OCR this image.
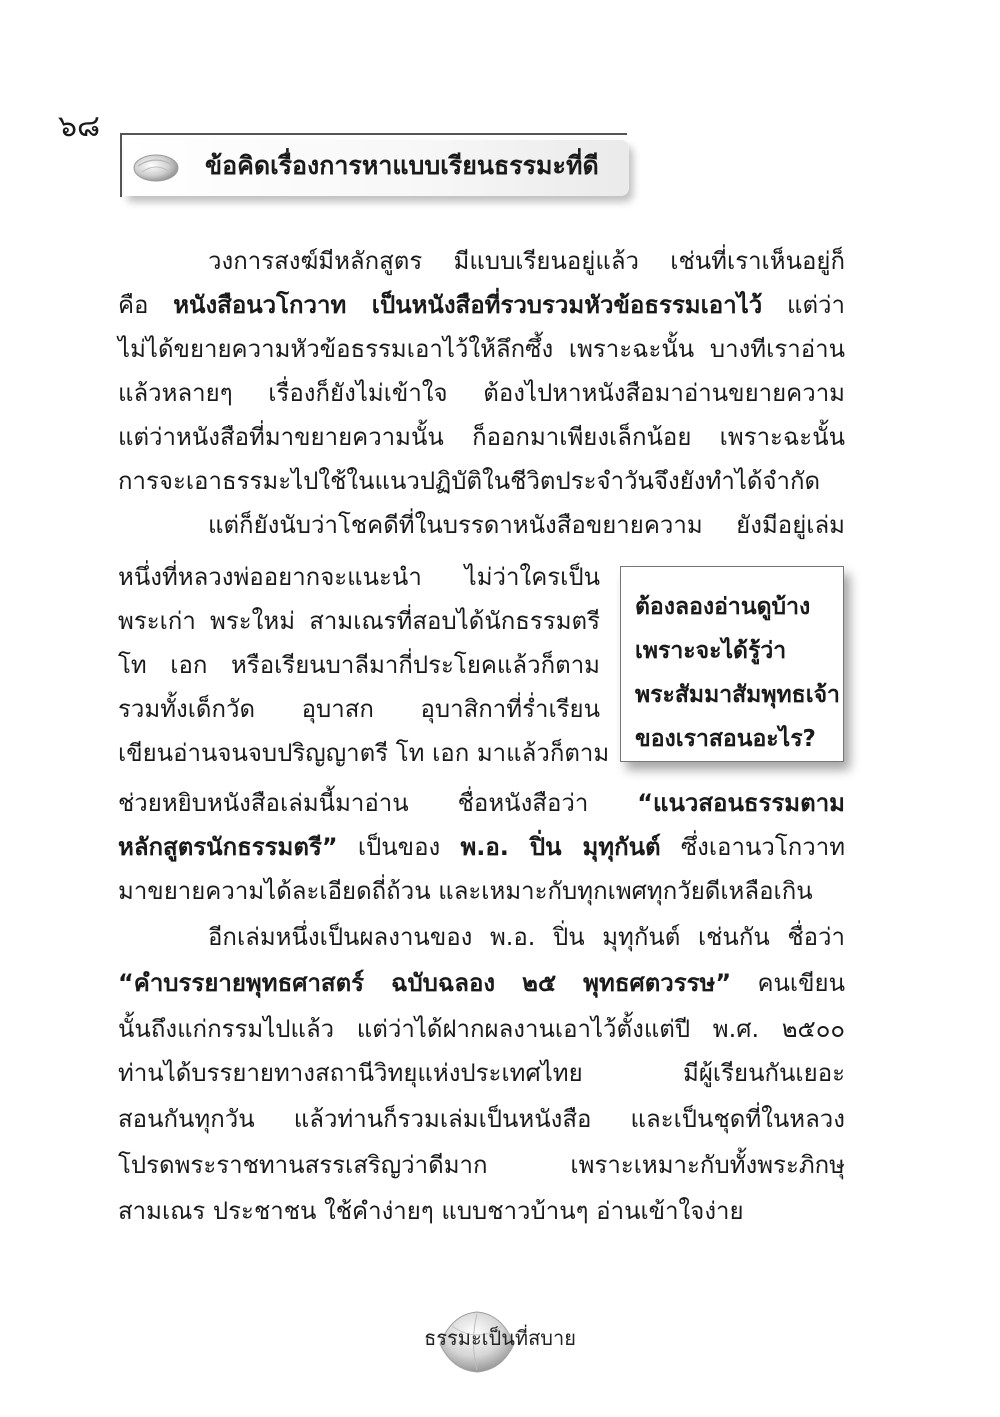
๖๘
ข้อคิดเรื่องการหาแบบเรียนธรรมะที่ดี
วงการสงฆ์มีหลักสูตร มีแบบเรียนอยู่แล้ว เช่นที่เราเห็นอยู่ก็
คือ หนังสือนวโกวาท เป็นหนังสือที่รวบรวมหัวข้อธรรมเอาไว้ แต่ว่า
ไม่ได้ขยายความหัวข้อธรรมเอาไว้ให้ลึกซึ้ง เพราะฉะนั้น บางทีเราอ่าน
แล้วหลายๆ เรื่องก็ยังไม่เข้าใจ ต้องไปหาหนังสือมาอ่านขยายความ
แต่ว่าหนังสือที่มาขยายความนั้น ก็ออกมาเพียงเล็กน้อย เพราะฉะนั้น
การจะเอาธรรมะไปใช้ในแนวปฏิบัติในชีวิตประจำวันจึงยังทำได้จำกัด
แต่ก็ยังนับว่าโชคดีที่ในบรรดาหนังสือขยายความ ยังมีอยู่เล่ม
หนึ่งที่หลวงพ่ออยากจะแนะนำ ไม่ว่าใครเป็น
พระเก่า พระใหม่ สามเณรที่สอบได้นักธรรมตรี
โท เอก หรือเรียนบาลีมากี่ประโยคแล้วก็ตาม
รวมทั้งเด็กวัด อุบาสก อุบาสิกาที่ร่ำเรียน
เขียนอ่านจนจบปริญญาตรี โท เอก มาแล้วก็ตาม
ช่วยหยิบหนังสือเล่มนี้มาอ่าน ชื่อหนังสือว่า “แนวสอนธรรมตาม
หลักสูตรนักธรรมตรี” เป็นของ พ.อ. ปิ่น มุทุกันต์ ซึ่งเอานวโกวาท
มาขยายความได้ละเอียดถี่ถ้วน และเหมาะกับทุกเพศทุกวัยดีเหลือเกิน
อีกเล่มหนึ่งเป็นผลงานของ พ.อ. ปิ่น มุทุกันต์ เช่นกัน ชื่อว่า
“คำบรรยายพุทธศาสตร์ ฉบับฉลอง ๒๕ พุทธศตวรรษ” คนเขียน
นั้นถึงแก่กรรมไปแล้ว แต่ว่าได้ฝากผลงานเอาไว้ตั้งแต่ปี พ.ศ. ๒๕๐๐
ท่านได้บรรยายทางสถานีวิทยุแห่งประเทศไทย มีผู้เรียนกันเยอะ
สอนกันทุกวัน แล้วท่านก็รวมเล่มเป็นหนังสือ และเป็นชุดที่ในหลวง
โปรดพระราชทานสรรเสริญว่าดีมาก เพราะเหมาะกับทั้งพระภิกษุ
สามเณร ประชาชน ใช้คำง่ายๆ แบบชาวบ้านๆ อ่านเข้าใจง่าย
ต้องลองอ่านดูบ้าง
เพราะจะได้รู้ว่า
พระสัมมาสัมพุทธเจ้า
ของเราสอนอะไร?
ธรรมะเป็นที่สบาย
